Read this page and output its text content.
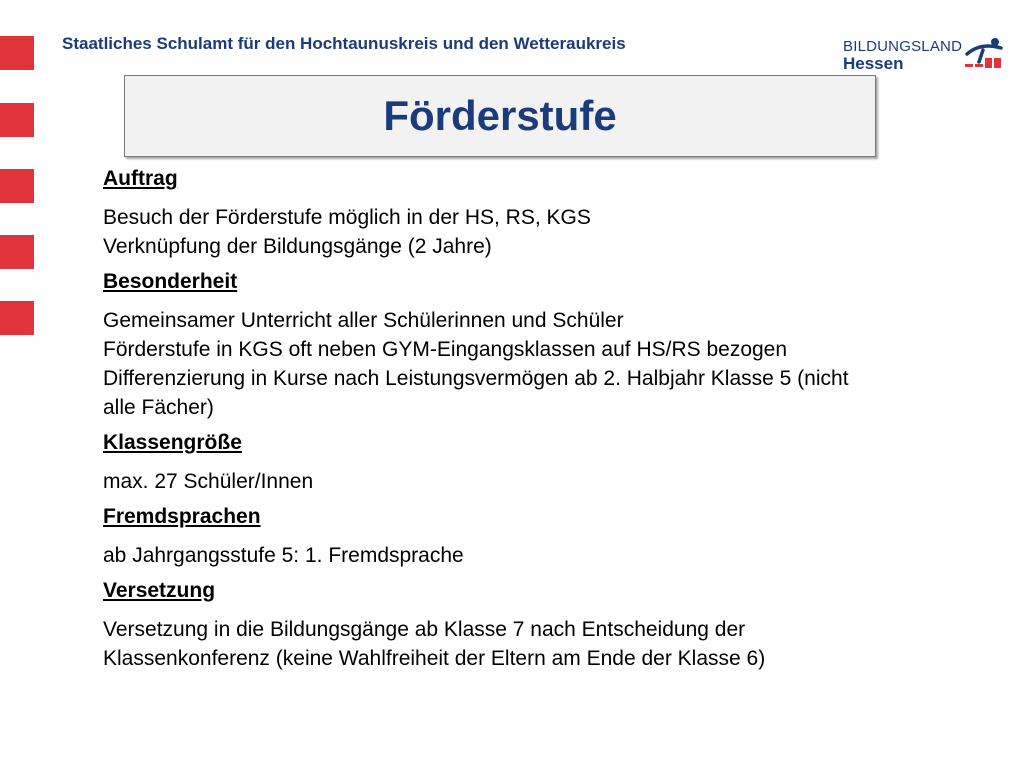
Staatliches Schulamt für den Hochtaunuskreis und den Wetteraukreis	BILDUNGSLAND
Hessen
Förderstufe
Auftrag
Besuch der Förderstufe möglich in der HS, RS, KGS
Verknüpfung der Bildungsgänge (2 Jahre)
Besonderheit
Gemeinsamer Unterricht aller Schülerinnen und Schüler
Förderstufe in KGS oft neben GYM-Eingangsklassen auf HS/RS bezogen
Differenzierung in Kurse nach Leistungsvermögen ab 2. Halbjahr Klasse 5 (nicht
alle Fächer)
Klassengröße
max. 27 Schüler/Innen
Fremdsprachen
ab Jahrgangsstufe 5: 1. Fremdsprache
Versetzung
Versetzung in die Bildungsgänge ab Klasse 7 nach Entscheidung der
Klassenkonferenz (keine Wahlfreiheit der Eltern am Ende der Klasse 6)
